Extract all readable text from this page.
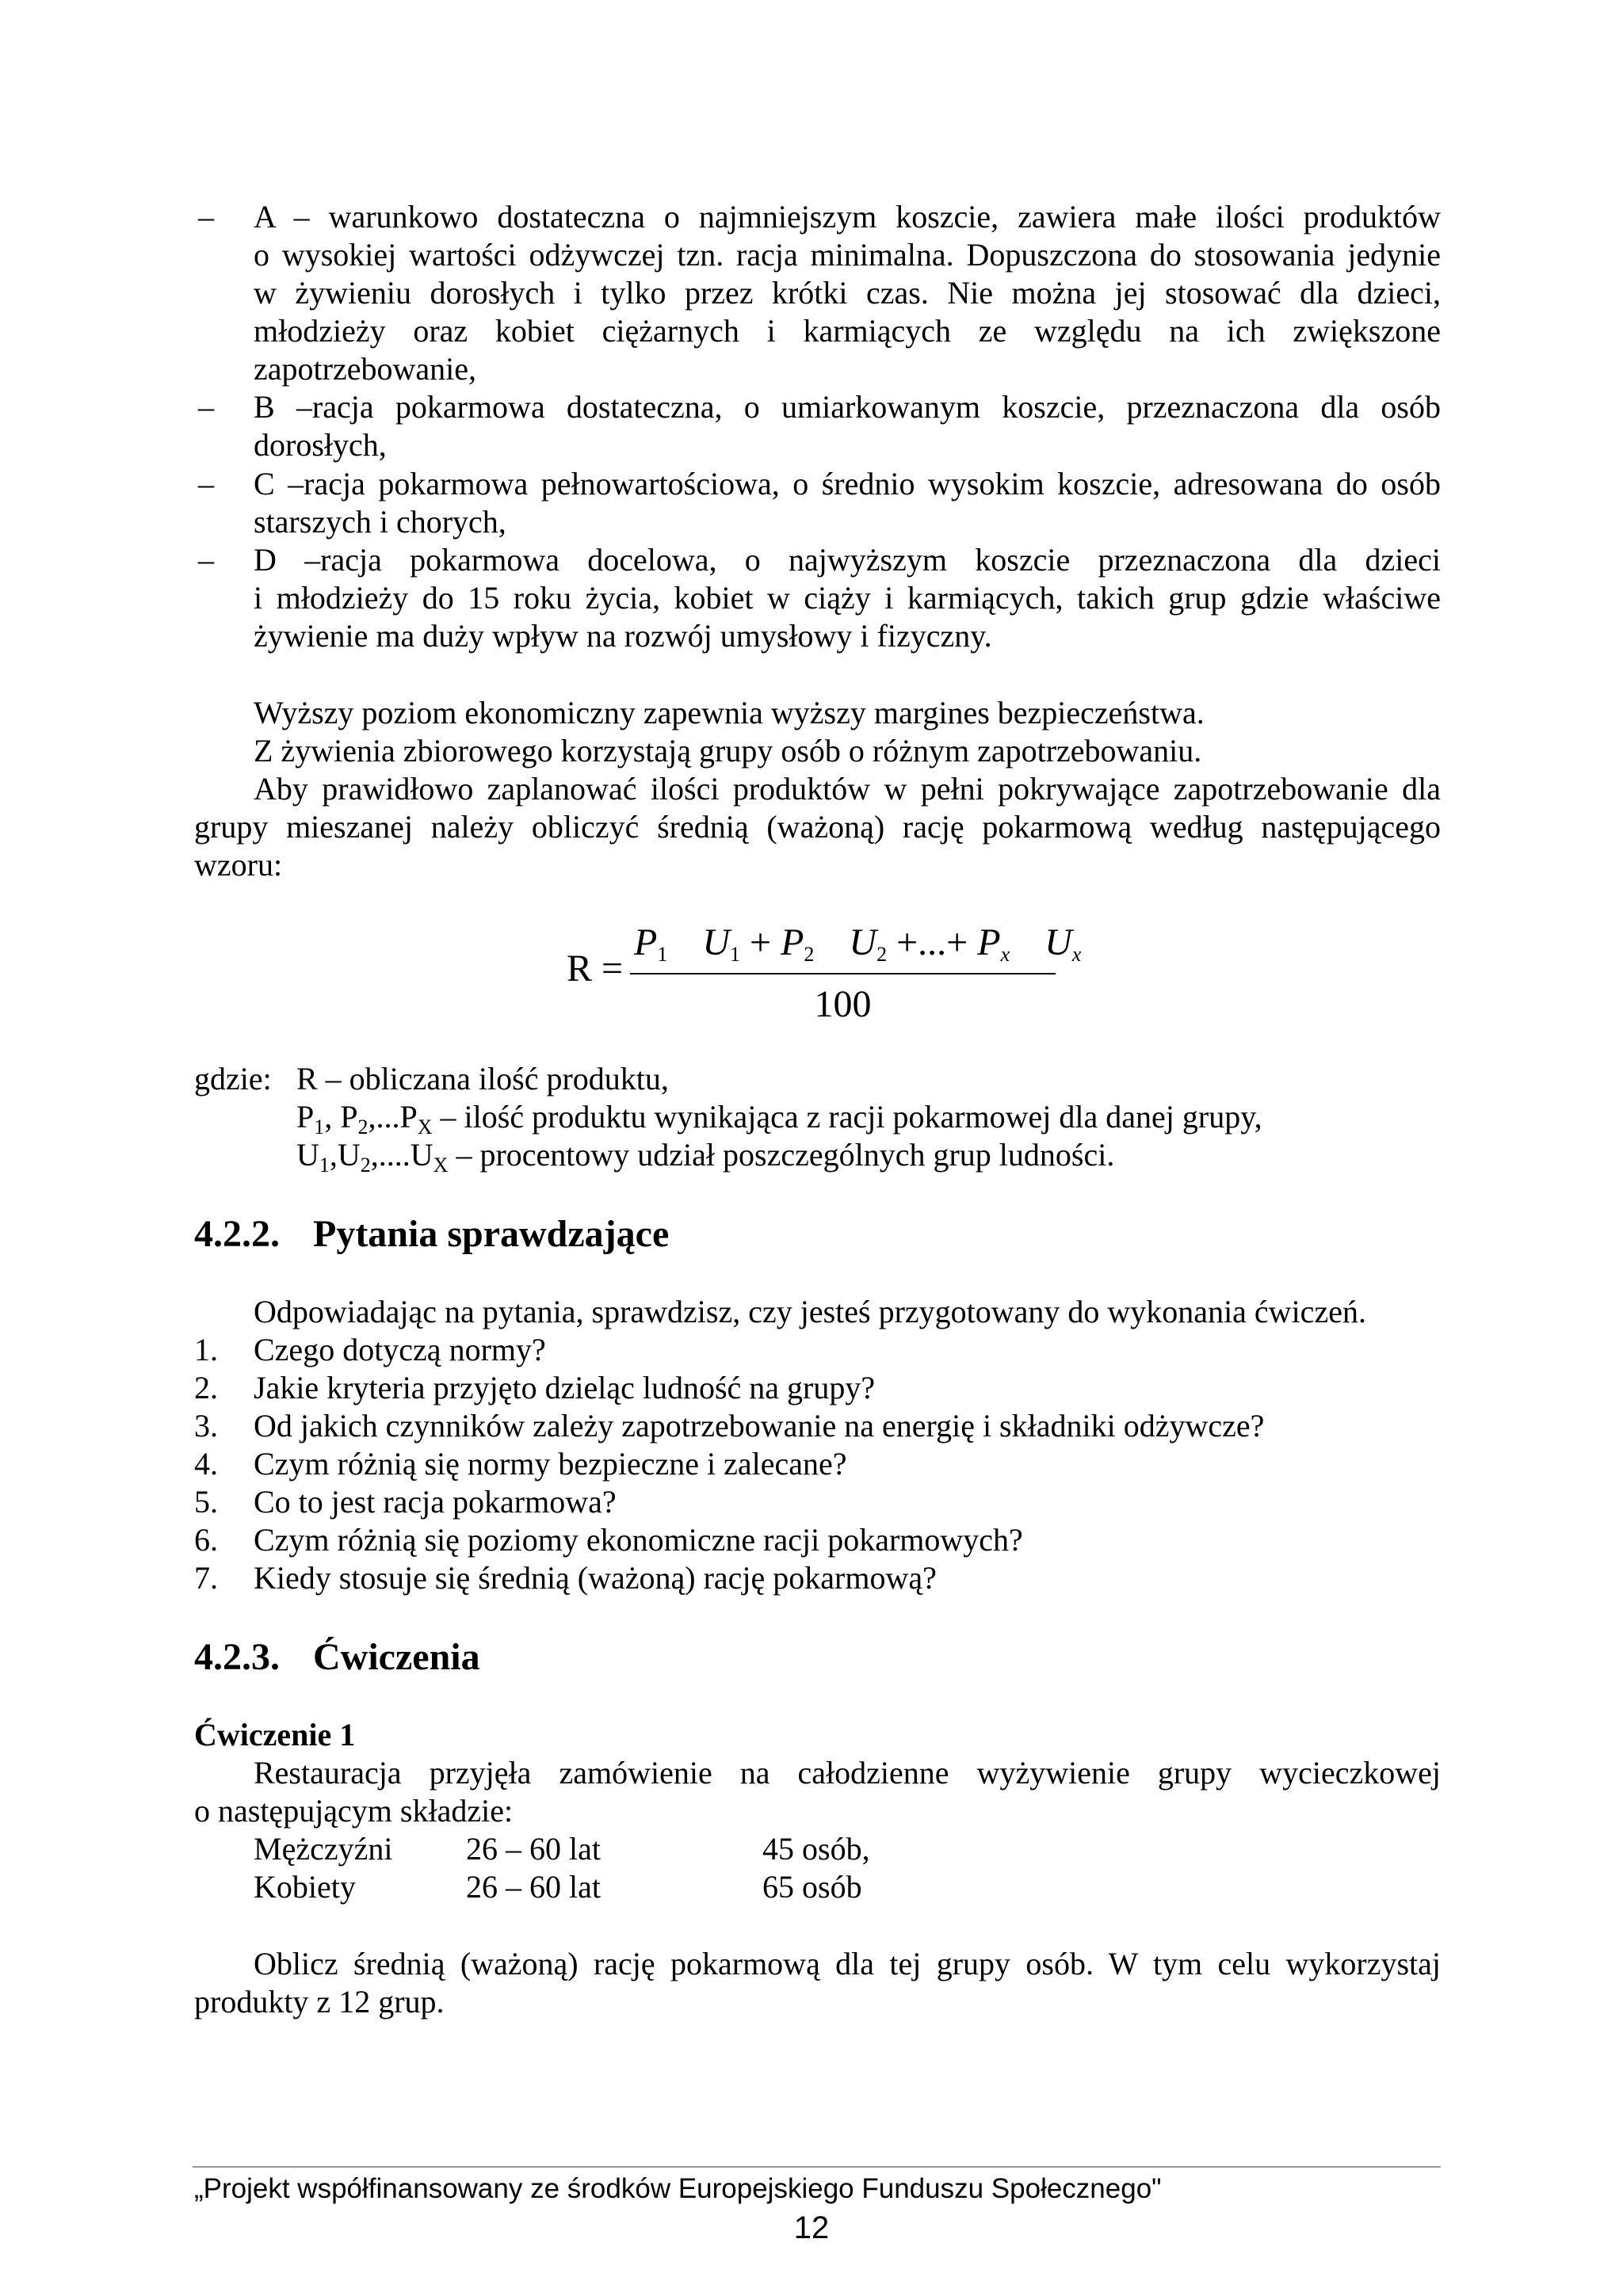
– A – warunkowo dostateczna o najmniejszym koszcie, zawiera małe ilości produktów
o wysokiej wartości odżywczej tzn. racja minimalna. Dopuszczona do stosowania jedynie
w żywieniu dorosłych i tylko przez krótki czas. Nie można jej stosować dla dzieci,
młodzieży oraz kobiet ciężarnych i karmiących ze względu na ich zwiększone
zapotrzebowanie,
– B –racja pokarmowa dostateczna, o umiarkowanym koszcie, przeznaczona dla osób
dorosłych,
– C –racja pokarmowa pełnowartościowa, o średnio wysokim koszcie, adresowana do osób
starszych i chorych,
– D –racja pokarmowa docelowa, o najwyższym koszcie przeznaczona dla dzieci
i młodzieży do 15 roku życia, kobiet w ciąży i karmiących, takich grup gdzie właściwe
żywienie ma duży wpływ na rozwój umysłowy i fizyczny.
Wyższy poziom ekonomiczny zapewnia wyższy margines bezpieczeństwa.
Z żywienia zbiorowego korzystają grupy osób o różnym zapotrzebowaniu.
Aby prawidłowo zaplanować ilości produktów w pełni pokrywające zapotrzebowanie dla
grupy mieszanej należy obliczyć średnią (ważoną) rację pokarmową według następującego
wzoru:
R =
$P_1$ $U_1 + P_2$ $U_2$ +...+ $P_x$ $U_x$
100
gdzie: R – obliczana ilość produktu,
$P_1$, $P_2,...P_X$ – ilość produktu wynikająca z racji pokarmowej dla danej grupy,
$U_1,U_2,....U_X$ – procentowy udział poszczególnych grup ludności.
4.2.2. Pytania sprawdzające
Odpowiadając na pytania, sprawdzisz, czy jesteś przygotowany do wykonania ćwiczeń.
1. Czego dotyczą normy?
2. Jakie kryteria przyjęto dzieląc ludność na grupy?
3. Od jakich czynników zależy zapotrzebowanie na energię i składniki odżywcze?
4. Czym różnią się normy bezpieczne i zalecane?
5. Co to jest racja pokarmowa?
6. Czym różnią się poziomy ekonomiczne racji pokarmowych?
7. Kiedy stosuje się średnią (ważoną) rację pokarmową?
4.2.3. Ćwiczenia
Ćwiczenie 1
Restauracja przyjęła zamówienie na całodzienne wyżywienie grupy wycieczkowej
o następującym składzie:
Mężczyźni 26 – 60 lat	45 osób,
Kobiety	26 – 60 lat	65 osób
Oblicz średnią (ważoną) rację pokarmową dla tej grupy osób. W tym celu wykorzystaj
produkty z 12 grup.
„Projekt współfinansowany ze środków Europejskiego Funduszu Społecznego"
12
